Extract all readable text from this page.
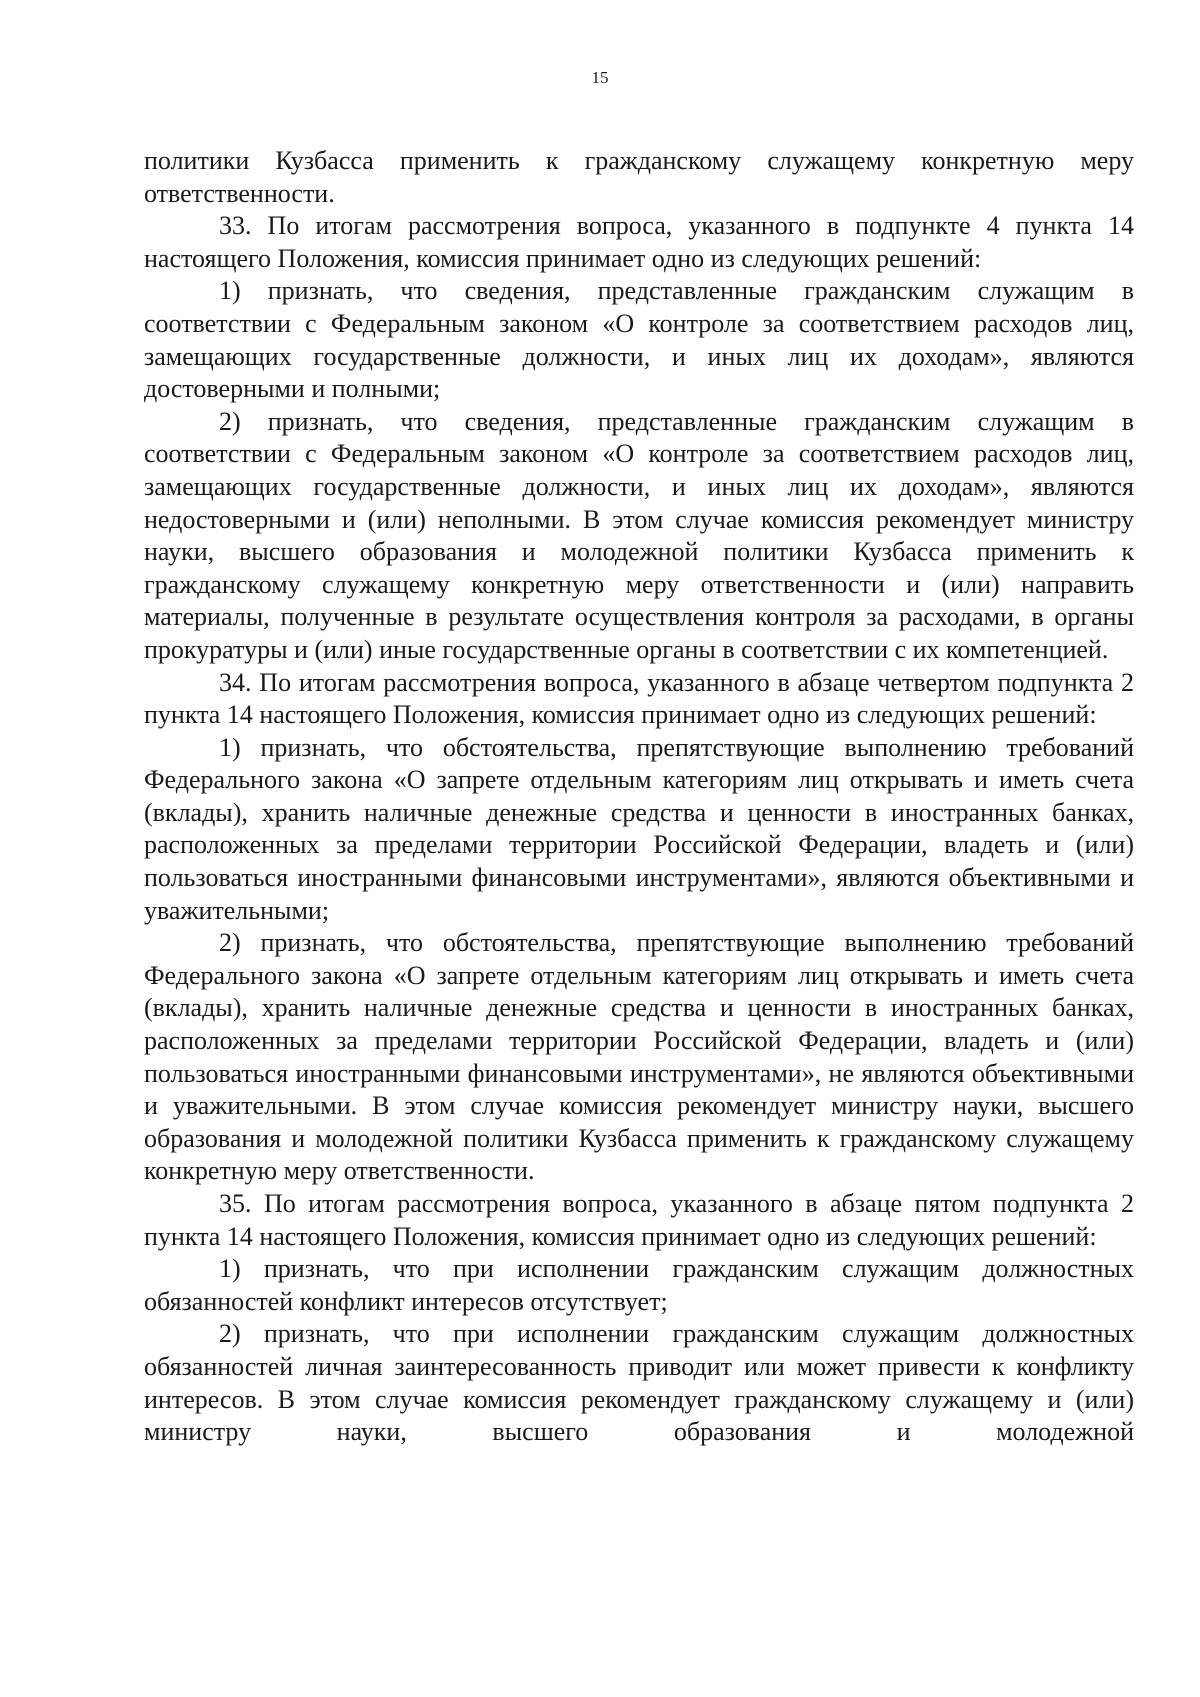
15

политики Кузбасса применить к гражданскому служащему конкретную меру ответственности.

33. По итогам рассмотрения вопроса, указанного в подпункте 4 пункта 14 настоящего Положения, комиссия принимает одно из следующих решений:

1) признать, что сведения, представленные гражданским служащим в соответствии с Федеральным законом «О контроле за соответствием расходов лиц, замещающих государственные должности, и иных лиц их доходам», являются достоверными и полными;

2) признать, что сведения, представленные гражданским служащим в соответствии с Федеральным законом «О контроле за соответствием расходов лиц, замещающих государственные должности, и иных лиц их доходам», являются недостоверными и (или) неполными. В этом случае комиссия рекомендует министру науки, высшего образования и молодежной политики Кузбасса применить к гражданскому служащему конкретную меру ответственности и (или) направить материалы, полученные в результате осуществления контроля за расходами, в органы прокуратуры и (или) иные государственные органы в соответствии с их компетенцией.

34. По итогам рассмотрения вопроса, указанного в абзаце четвертом подпункта 2 пункта 14 настоящего Положения, комиссия принимает одно из следующих решений:

1) признать, что обстоятельства, препятствующие выполнению требований Федерального закона «О запрете отдельным категориям лиц открывать и иметь счета (вклады), хранить наличные денежные средства и ценности в иностранных банках, расположенных за пределами территории Российской Федерации, владеть и (или) пользоваться иностранными финансовыми инструментами», являются объективными и уважительными;

2) признать, что обстоятельства, препятствующие выполнению требований Федерального закона «О запрете отдельным категориям лиц открывать и иметь счета (вклады), хранить наличные денежные средства и ценности в иностранных банках, расположенных за пределами территории Российской Федерации, владеть и (или) пользоваться иностранными финансовыми инструментами», не являются объективными и уважительными. В этом случае комиссия рекомендует министру науки, высшего образования и молодежной политики Кузбасса применить к гражданскому служащему конкретную меру ответственности.

35. По итогам рассмотрения вопроса, указанного в абзаце пятом подпункта 2 пункта 14 настоящего Положения, комиссия принимает одно из следующих решений:

1) признать, что при исполнении гражданским служащим должностных обязанностей конфликт интересов отсутствует;

2) признать, что при исполнении гражданским служащим должностных обязанностей личная заинтересованность приводит или может привести к конфликту интересов. В этом случае комиссия рекомендует гражданскому служащему и (или) министру науки, высшего образования и молодежной
